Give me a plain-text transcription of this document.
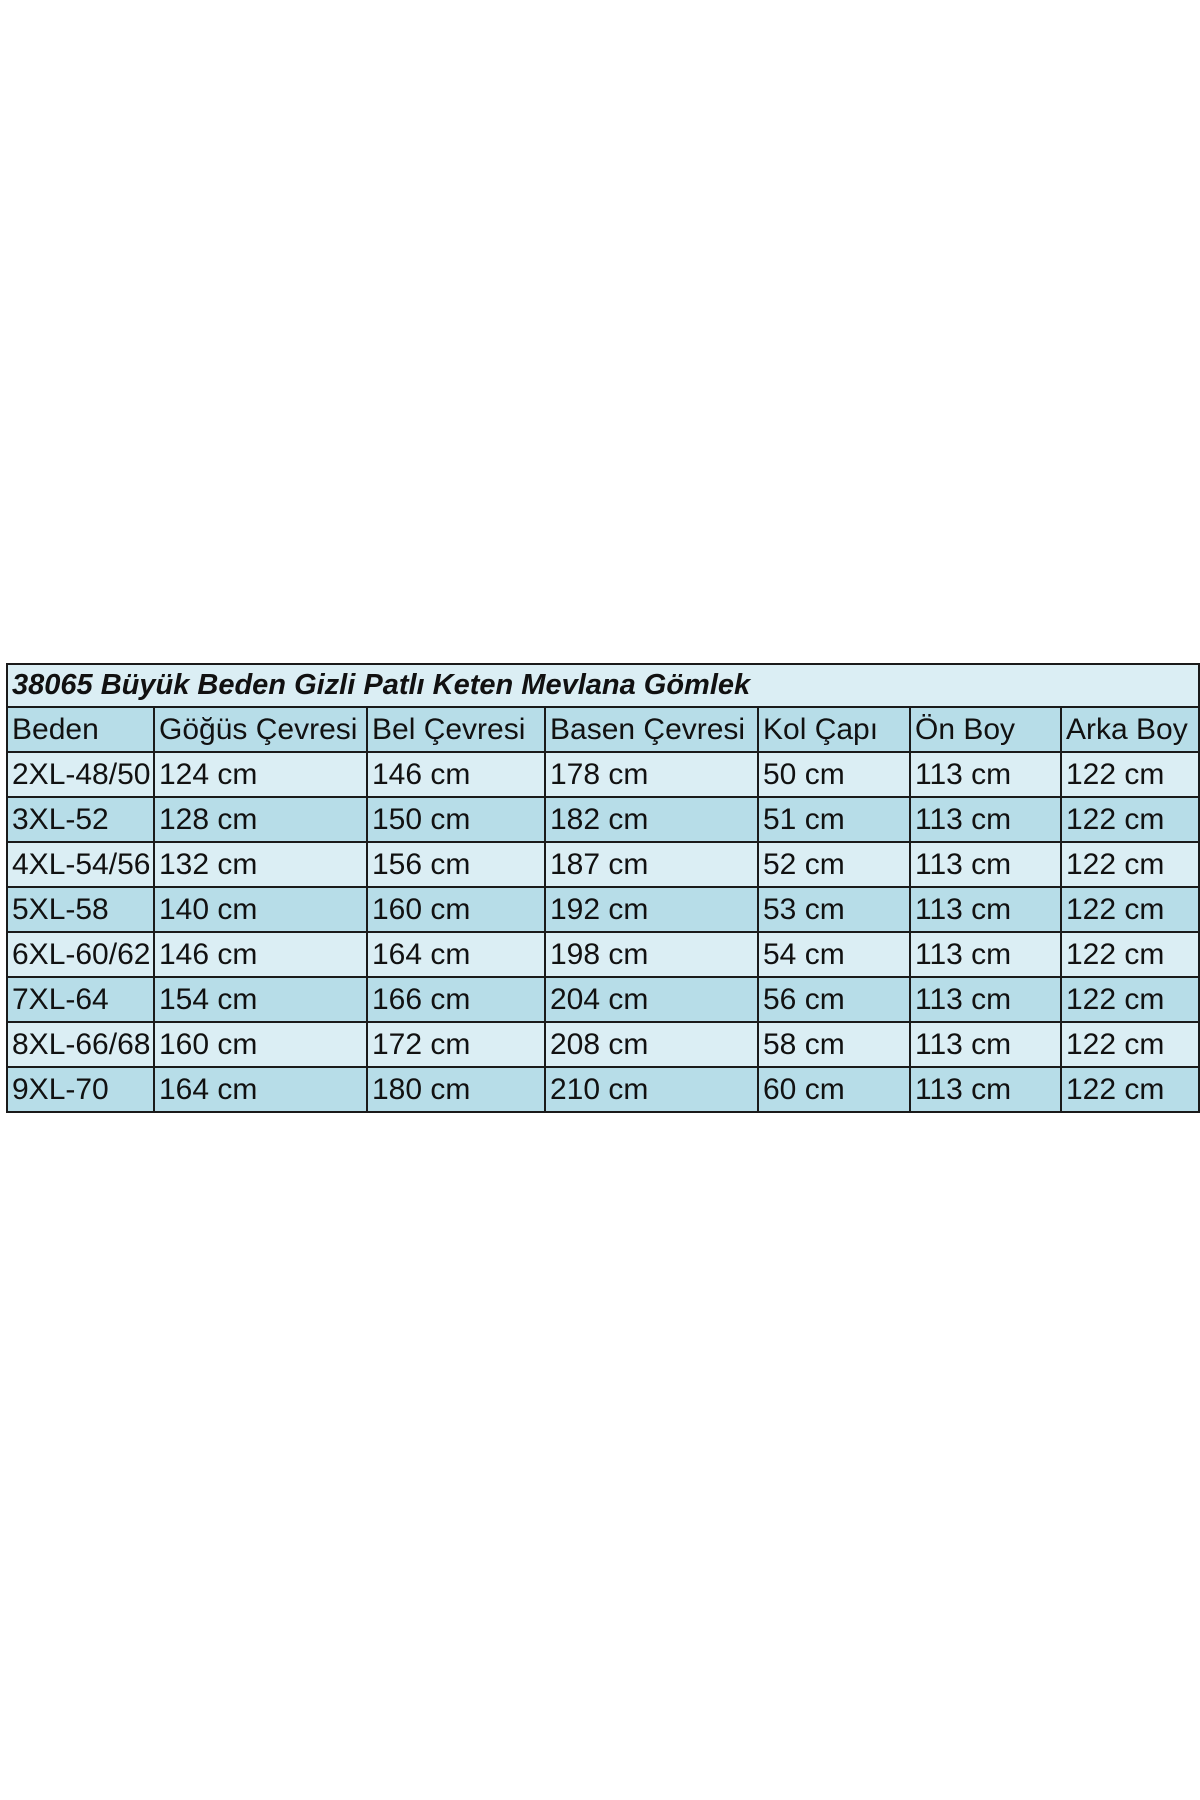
38065 Büyük Beden Gizli Patlı Keten Mevlana Gömlek						
Beden	Göğüs Çevresi	Bel Çevresi	Basen Çevresi	Kol Çapı	Ön Boy	Arka Boy
2XL-48/50	124 cm	146 cm	178 cm	50 cm	113 cm	122 cm
3XL-52	128 cm	150 cm	182 cm	51 cm	113 cm	122 cm
4XL-54/56	132 cm	156 cm	187 cm	52 cm	113 cm	122 cm
5XL-58	140 cm	160 cm	192 cm	53 cm	113 cm	122 cm
6XL-60/62	146 cm	164 cm	198 cm	54 cm	113 cm	122 cm
7XL-64	154 cm	166 cm	204 cm	56 cm	113 cm	122 cm
8XL-66/68	160 cm	172 cm	208 cm	58 cm	113 cm	122 cm
9XL-70	164 cm	180 cm	210 cm	60 cm	113 cm	122 cm
